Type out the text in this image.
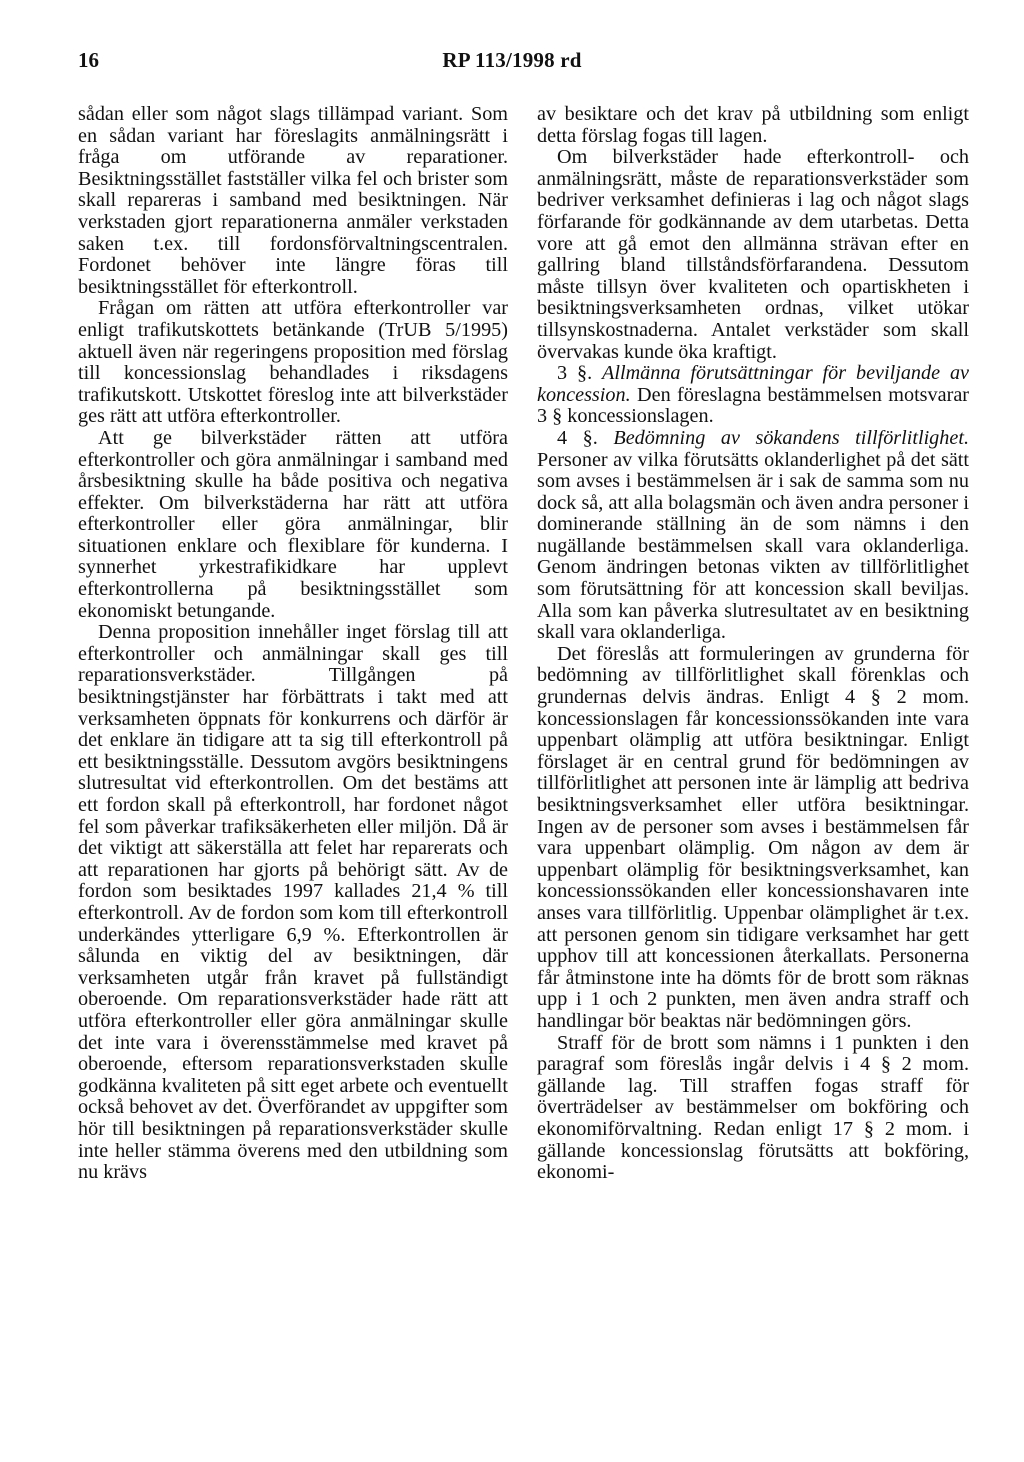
16	RP 113/1998 rd

sådan eller som något slags tillämpad variant. Som en sådan variant har föreslagits anmälningsrätt i fråga om utförande av reparationer. Besiktningsstället fastställer vilka fel och brister som skall repareras i samband med besiktningen. När verkstaden gjort reparationerna anmäler verkstaden saken t.ex. till fordonsförvaltningscentralen. Fordonet behöver inte längre föras till besiktningsstället för efterkontroll.

Frågan om rätten att utföra efterkontroller var enligt trafikutskottets betänkande (TrUB 5/1995) aktuell även när regeringens proposition med förslag till koncessionslag behandlades i riksdagens trafikutskott. Utskottet föreslog inte att bilverkstäder ges rätt att utföra efterkontroller.

Att ge bilverkstäder rätten att utföra efterkontroller och göra anmälningar i samband med årsbesiktning skulle ha både positiva och negativa effekter. Om bilverkstäderna har rätt att utföra efterkontroller eller göra anmälningar, blir situationen enklare och flexiblare för kunderna. I synnerhet yrkestrafikidkare har upplevt efterkontrollerna på besiktningsstället som ekonomiskt betungande.

Denna proposition innehåller inget förslag till att efterkontroller och anmälningar skall ges till reparationsverkstäder. Tillgången på besiktningstjänster har förbättrats i takt med att verksamheten öppnats för konkurrens och därför är det enklare än tidigare att ta sig till efterkontroll på ett besiktningsställe. Dessutom avgörs besiktningens slutresultat vid efterkontrollen. Om det bestäms att ett fordon skall på efterkontroll, har fordonet något fel som påverkar trafiksäkerheten eller miljön. Då är det viktigt att säkerställa att felet har reparerats och att reparationen har gjorts på behörigt sätt. Av de fordon som besiktades 1997 kallades 21,4 % till efterkontroll. Av de fordon som kom till efterkontroll underkändes ytterligare 6,9 %. Efterkontrollen är sålunda en viktig del av besiktningen, där verksamheten utgår från kravet på fullständigt oberoende. Om reparationsverkstäder hade rätt att utföra efterkontroller eller göra anmälningar skulle det inte vara i överensstämmelse med kravet på oberoende, eftersom reparationsverkstaden skulle godkänna kvaliteten på sitt eget arbete och eventuellt också behovet av det. Överförandet av uppgifter som hör till besiktningen på reparationsverkstäder skulle inte heller stämma överens med den utbildning som nu krävs

av besiktare och det krav på utbildning som enligt detta förslag fogas till lagen.

Om bilverkstäder hade efterkontroll- och anmälningsrätt, måste de reparationsverkstäder som bedriver verksamhet definieras i lag och något slags förfarande för godkännande av dem utarbetas. Detta vore att gå emot den allmänna strävan efter en gallring bland tillståndsförfarandena. Dessutom måste tillsyn över kvaliteten och opartiskheten i besiktningsverksamheten ordnas, vilket utökar tillsynskostnaderna. Antalet verkstäder som skall övervakas kunde öka kraftigt.

3 §. Allmänna förutsättningar för beviljande av koncession. Den föreslagna bestämmelsen motsvarar 3 § koncessionslagen.

4 §. Bedömning av sökandens tillförlitlighet. Personer av vilka förutsätts oklanderlighet på det sätt som avses i bestämmelsen är i sak de samma som nu dock så, att alla bolagsmän och även andra personer i dominerande ställning än de som nämns i den nugällande bestämmelsen skall vara oklanderliga. Genom ändringen betonas vikten av tillförlitlighet som förutsättning för att koncession skall beviljas. Alla som kan påverka slutresultatet av en besiktning skall vara oklanderliga.

Det föreslås att formuleringen av grunderna för bedömning av tillförlitlighet skall förenklas och grundernas delvis ändras. Enligt 4 § 2 mom. koncessionslagen får koncessionssökanden inte vara uppenbart olämplig att utföra besiktningar. Enligt förslaget är en central grund för bedömningen av tillförlitlighet att personen inte är lämplig att bedriva besiktningsverksamhet eller utföra besiktningar. Ingen av de personer som avses i bestämmelsen får vara uppenbart olämplig. Om någon av dem är uppenbart olämplig för besiktningsverksamhet, kan koncessionssökanden eller koncessionshavaren inte anses vara tillförlitlig. Uppenbar olämplighet är t.ex. att personen genom sin tidigare verksamhet har gett upphov till att koncessionen återkallats. Personerna får åtminstone inte ha dömts för de brott som räknas upp i 1 och 2 punkten, men även andra straff och handlingar bör beaktas när bedömningen görs.

Straff för de brott som nämns i 1 punkten i den paragraf som föreslås ingår delvis i 4 § 2 mom. gällande lag. Till straffen fogas straff för överträdelser av bestämmelser om bokföring och ekonomiförvaltning. Redan enligt 17 § 2 mom. i gällande koncessionslag förutsätts att bokföring, ekonomi-
